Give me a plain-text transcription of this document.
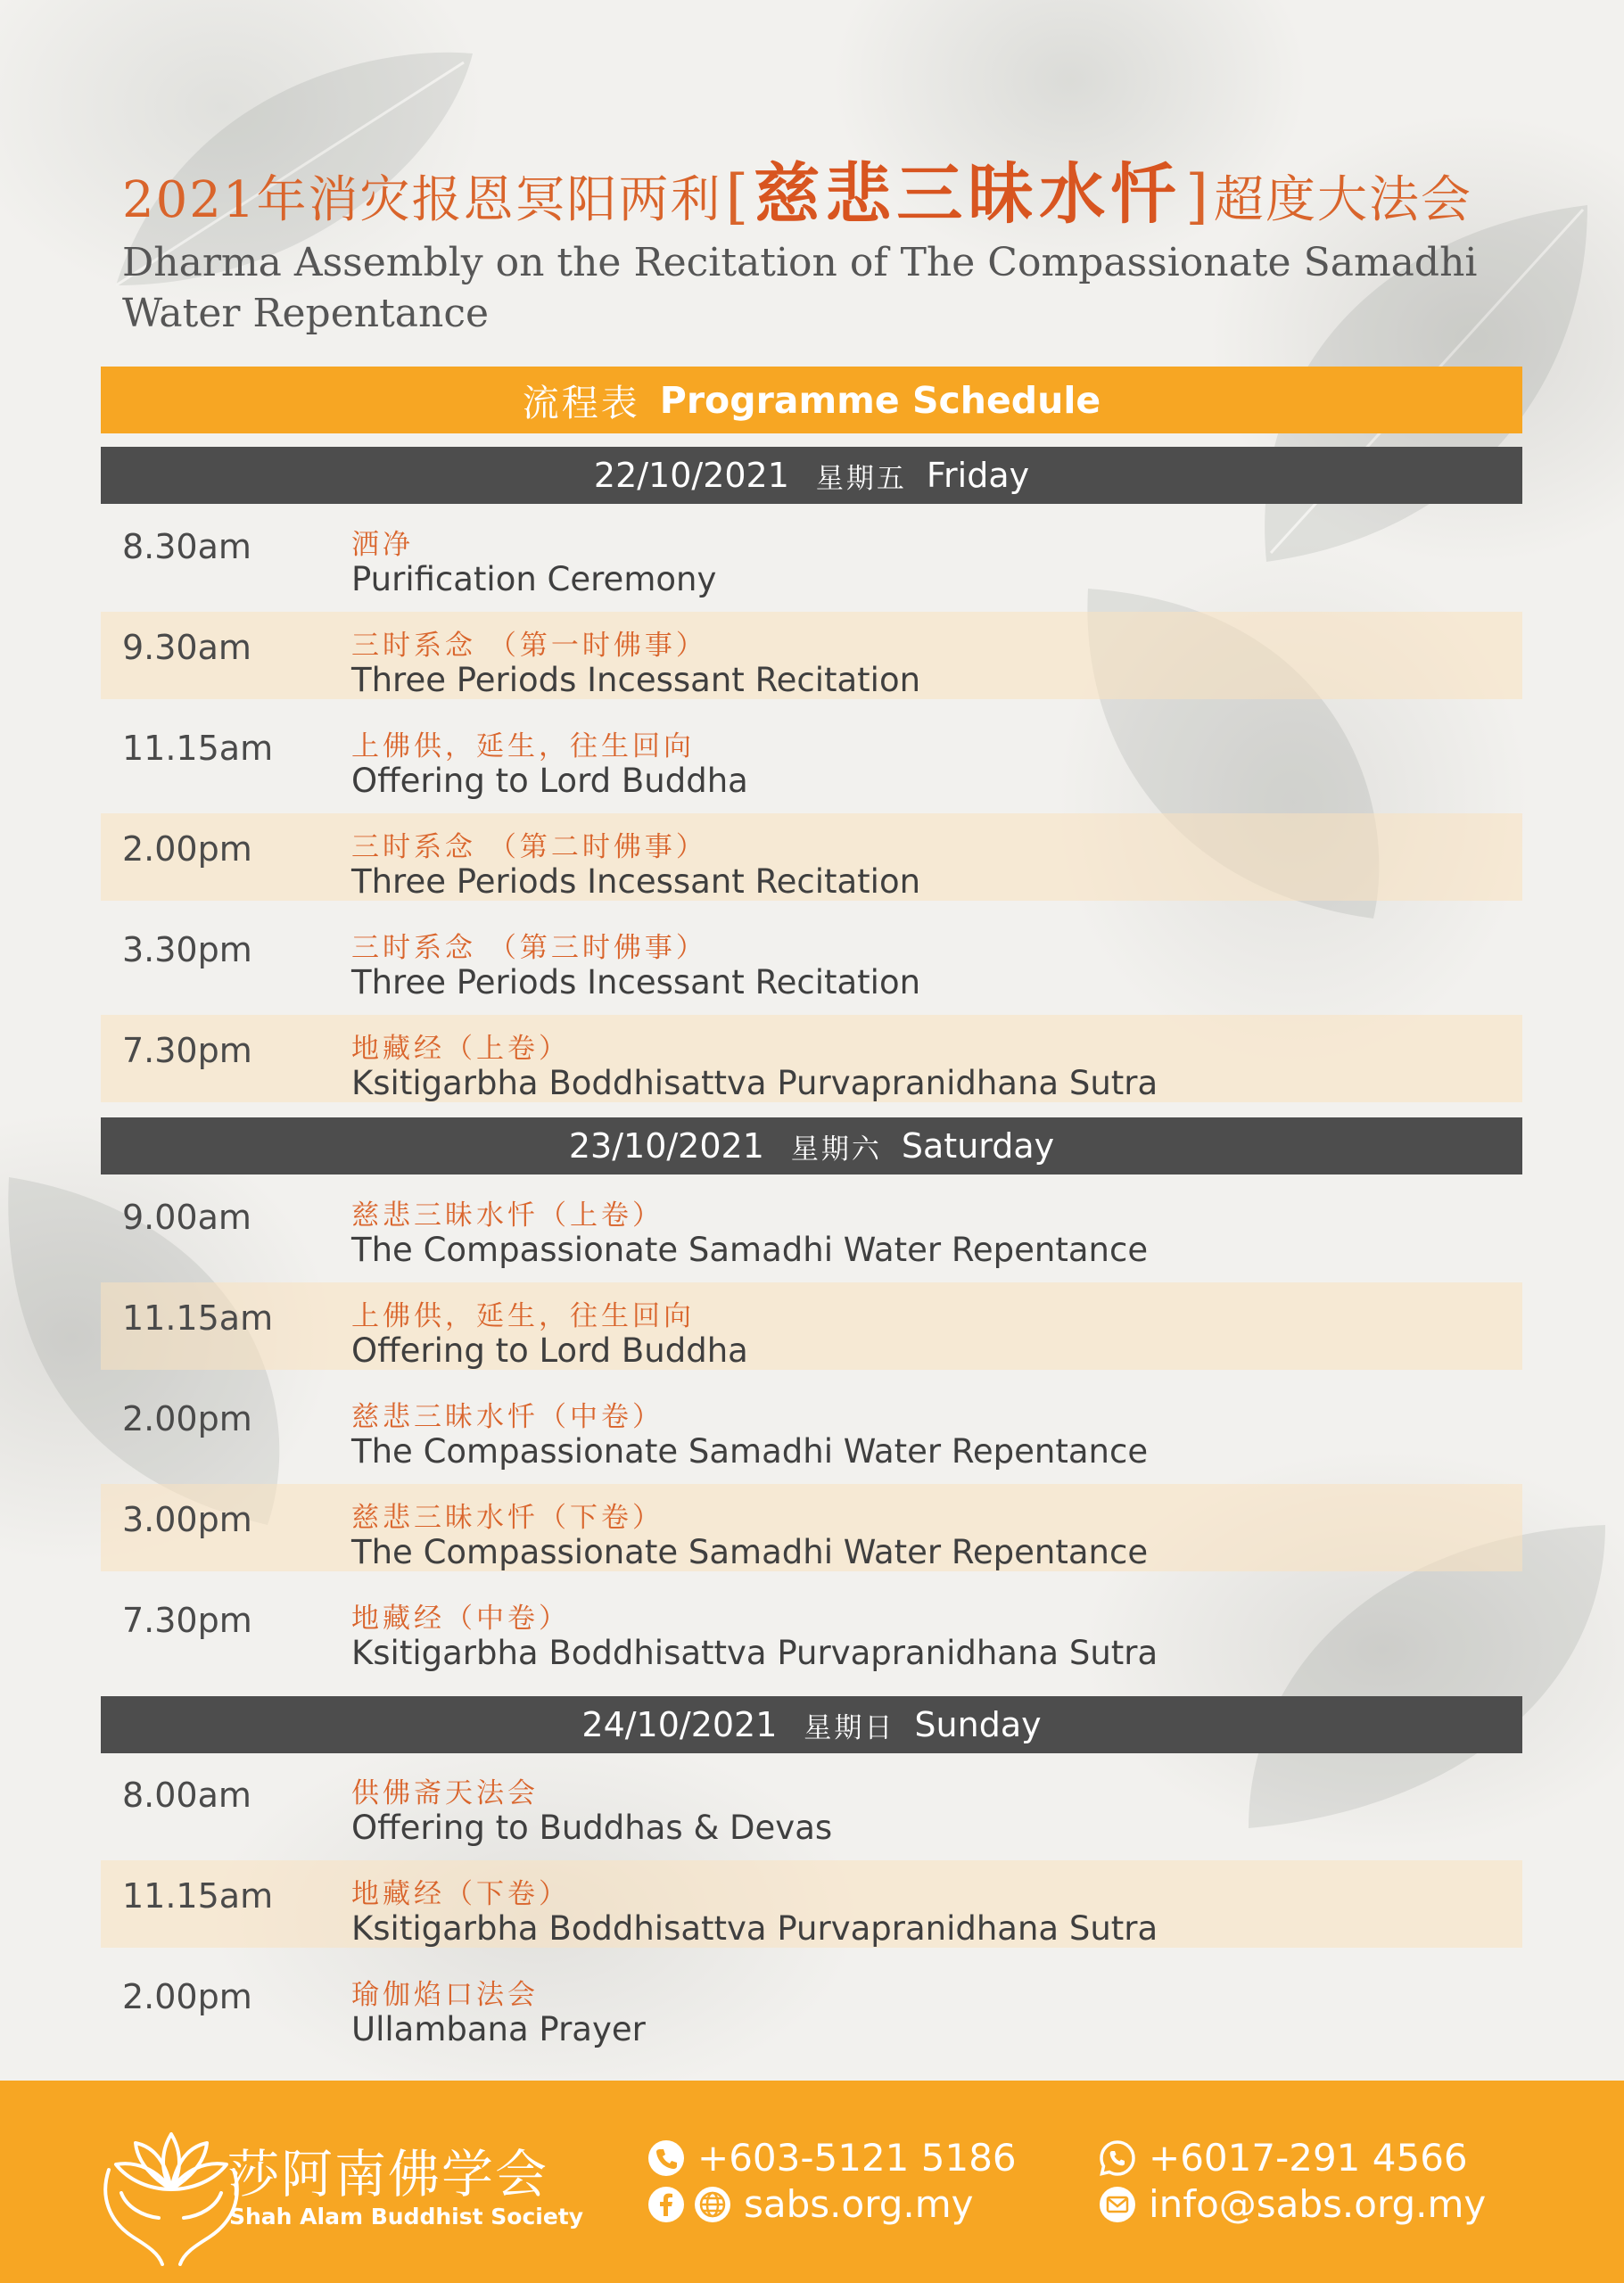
2021年消灾报恩冥阳两利[慈悲三昧水忏]超度大法会
Dharma Assembly on the Recitation of The Compassionate Samadhi Water Repentance
流程表 Programme Schedule
22/10/2021 星期五 Friday
8.30am	洒净
Purification Ceremony
9.30am	三时系念 （第一时佛事）
Three Periods Incessant Recitation
11.15am	上佛供，延生，往生回向
Offering to Lord Buddha
2.00pm	三时系念 （第二时佛事）
Three Periods Incessant Recitation
3.30pm	三时系念 （第三时佛事）
Three Periods Incessant Recitation
7.30pm	地藏经（上卷）
Ksitigarbha Boddhisattva Purvapranidhana Sutra
23/10/2021 星期六 Saturday
9.00am	慈悲三昧水忏（上卷）
The Compassionate Samadhi Water Repentance
11.15am	上佛供，延生，往生回向
Offering to Lord Buddha
2.00pm	慈悲三昧水忏（中卷）
The Compassionate Samadhi Water Repentance
3.00pm	慈悲三昧水忏（下卷）
The Compassionate Samadhi Water Repentance
7.30pm	地藏经（中卷）
Ksitigarbha Boddhisattva Purvapranidhana Sutra
24/10/2021 星期日 Sunday
8.00am	供佛斋天法会
Offering to Buddhas & Devas
11.15am	地藏经（下卷）
Ksitigarbha Boddhisattva Purvapranidhana Sutra
2.00pm	瑜伽焰口法会
Ullambana Prayer
莎阿南佛学会
Shah Alam Buddhist Society
+603-5121 5186
sabs.org.my
+6017-291 4566
info@sabs.org.my
